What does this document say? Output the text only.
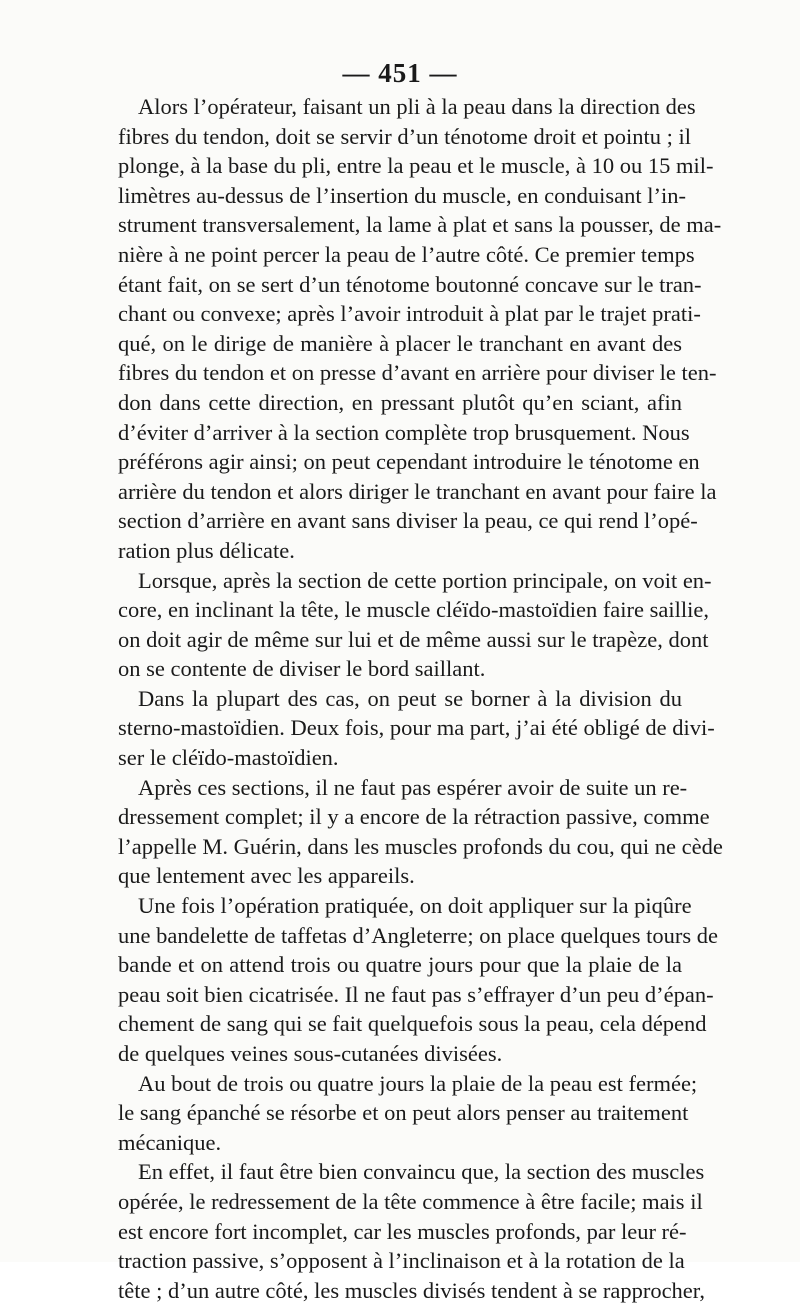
— 451 —
Alors l’opérateur, faisant un pli à la peau dans la direction des
fibres du tendon, doit se servir d’un ténotome droit et pointu ; il
plonge, à la base du pli, entre la peau et le muscle, à 10 ou 15 mil-
limètres au-dessus de l’insertion du muscle, en conduisant l’in-
strument transversalement, la lame à plat et sans la pousser, de ma-
nière à ne point percer la peau de l’autre côté. Ce premier temps
étant fait, on se sert d’un ténotome boutonné concave sur le tran-
chant ou convexe; après l’avoir introduit à plat par le trajet prati-
qué, on le dirige de manière à placer le tranchant en avant des
fibres du tendon et on presse d’avant en arrière pour diviser le ten-
don dans cette direction, en pressant plutôt qu’en sciant, afin
d’éviter d’arriver à la section complète trop brusquement. Nous
préférons agir ainsi; on peut cependant introduire le ténotome en
arrière du tendon et alors diriger le tranchant en avant pour faire la
section d’arrière en avant sans diviser la peau, ce qui rend l’opé-
ration plus délicate.
Lorsque, après la section de cette portion principale, on voit en-
core, en inclinant la tête, le muscle cléïdo-mastoïdien faire saillie,
on doit agir de même sur lui et de même aussi sur le trapèze, dont
on se contente de diviser le bord saillant.
Dans la plupart des cas, on peut se borner à la division du
sterno-mastoïdien. Deux fois, pour ma part, j’ai été obligé de divi-
ser le cléïdo-mastoïdien.
Après ces sections, il ne faut pas espérer avoir de suite un re-
dressement complet; il y a encore de la rétraction passive, comme
l’appelle M. Guérin, dans les muscles profonds du cou, qui ne cède
que lentement avec les appareils.
Une fois l’opération pratiquée, on doit appliquer sur la piqûre
une bandelette de taffetas d’Angleterre; on place quelques tours de
bande et on attend trois ou quatre jours pour que la plaie de la
peau soit bien cicatrisée. Il ne faut pas s’effrayer d’un peu d’épan-
chement de sang qui se fait quelquefois sous la peau, cela dépend
de quelques veines sous-cutanées divisées.
Au bout de trois ou quatre jours la plaie de la peau est fermée;
le sang épanché se résorbe et on peut alors penser au traitement
mécanique.
En effet, il faut être bien convaincu que, la section des muscles
opérée, le redressement de la tête commence à être facile; mais il
est encore fort incomplet, car les muscles profonds, par leur ré-
traction passive, s’opposent à l’inclinaison et à la rotation de la
tête ; d’un autre côté, les muscles divisés tendent à se rapprocher,
